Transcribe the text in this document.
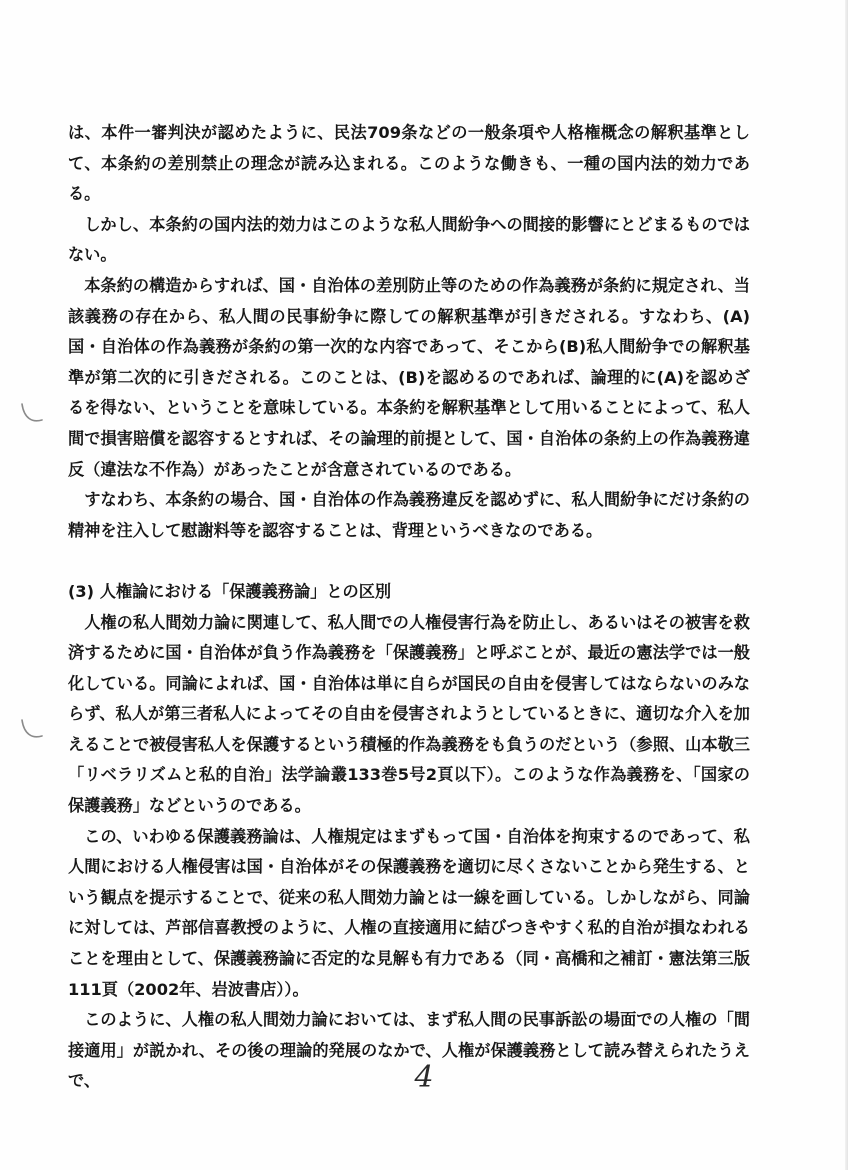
は、本件一審判決が認めたように、民法709条などの一般条項や人格権概念の解釈基準として、本条約の差別禁止の理念が読み込まれる。このような働きも、一種の国内法的効力である。

しかし、本条約の国内法的効力はこのような私人間紛争への間接的影響にとどまるものではない。

本条約の構造からすれば、国・自治体の差別防止等のための作為義務が条約に規定され、当該義務の存在から、私人間の民事紛争に際しての解釈基準が引きだされる。すなわち、(A)国・自治体の作為義務が条約の第一次的な内容であって、そこから(B)私人間紛争での解釈基準が第二次的に引きだされる。このことは、(B)を認めるのであれば、論理的に(A)を認めざるを得ない、ということを意味している。本条約を解釈基準として用いることによって、私人間で損害賠償を認容するとすれば、その論理的前提として、国・自治体の条約上の作為義務違反（違法な不作為）があったことが含意されているのである。

すなわち、本条約の場合、国・自治体の作為義務違反を認めずに、私人間紛争にだけ条約の精神を注入して慰謝料等を認容することは、背理というべきなのである。

(3) 人権論における「保護義務論」との区別

人権の私人間効力論に関連して、私人間での人権侵害行為を防止し、あるいはその被害を救済するために国・自治体が負う作為義務を「保護義務」と呼ぶことが、最近の憲法学では一般化している。同論によれば、国・自治体は単に自らが国民の自由を侵害してはならないのみならず、私人が第三者私人によってその自由を侵害されようとしているときに、適切な介入を加えることで被侵害私人を保護するという積極的作為義務をも負うのだという（参照、山本敬三「リベラリズムと私的自治」法学論叢133巻5号2頁以下）。このような作為義務を、「国家の保護義務」などというのである。

この、いわゆる保護義務論は、人権規定はまずもって国・自治体を拘束するのであって、私人間における人権侵害は国・自治体がその保護義務を適切に尽くさないことから発生する、という観点を提示することで、従来の私人間効力論とは一線を画している。しかしながら、同論に対しては、芦部信喜教授のように、人権の直接適用に結びつきやすく私的自治が損なわれることを理由として、保護義務論に否定的な見解も有力である（同・高橋和之補訂・憲法第三版111頁（2002年、岩波書店））。

このように、人権の私人間効力論においては、まず私人間の民事訴訟の場面での人権の「間接適用」が説かれ、その後の理論的発展のなかで、人権が保護義務として読み替えられたうえで、	4
